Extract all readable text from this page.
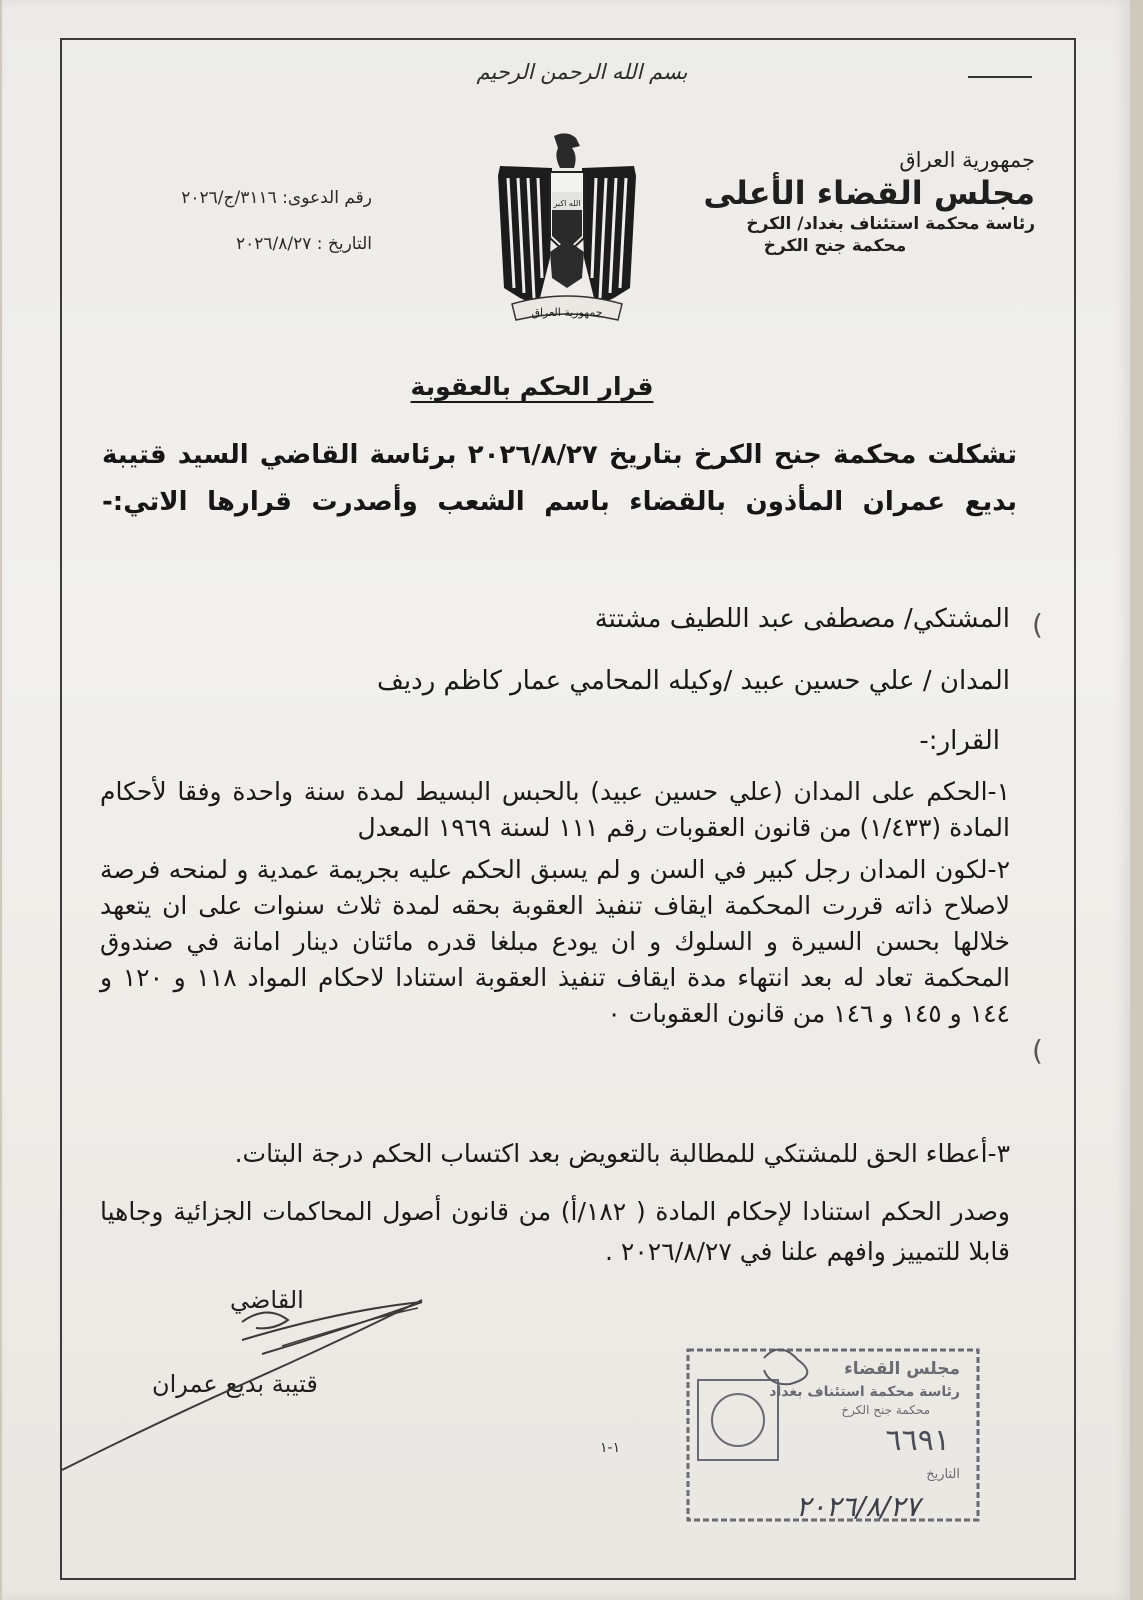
بسم الله الرحمن الرحيم
جمهورية العراق
مجلس القضاء الأعلى
رئاسة محكمة استئناف بغداد/ الكرخ
محكمة جنح الكرخ
رقم الدعوى: ٣١١٦/ج/٢٠٢٦
التاريخ : ٢٠٢٦/٨/٢٧
الله اكبر
جمهورية العراق
قرار الحكم بالعقوبة
تشكلت محكمة جنح الكرخ بتاريخ ٢٠٢٦/٨/٢٧ برئاسة القاضي السيد قتيبة بديع عمران المأذون بالقضاء باسم الشعب وأصدرت قرارها الاتي:-
المشتكي/ مصطفى عبد اللطيف مشتتة
المدان / علي حسين عبيد /وكيله المحامي عمار كاظم رديف
القرار:-
١-الحكم على المدان (علي حسين عبيد) بالحبس البسيط لمدة سنة واحدة وفقا لأحكام المادة (١/٤٣٣) من قانون العقوبات رقم ١١١ لسنة ١٩٦٩ المعدل
٢-لكون المدان رجل كبير في السن و لم يسبق الحكم عليه بجريمة عمدية و لمنحه فرصة لاصلاح ذاته قررت المحكمة ايقاف تنفيذ العقوبة بحقه لمدة ثلاث سنوات على ان يتعهد خلالها بحسن السيرة و السلوك و ان يودع مبلغا قدره مائتان دينار امانة في صندوق المحكمة تعاد له بعد انتهاء مدة ايقاف تنفيذ العقوبة استنادا لاحكام المواد ١١٨ و ١٢٠ و ١٤٤ و ١٤٥ و ١٤٦ من قانون العقوبات ٠
٣-أعطاء الحق للمشتكي للمطالبة بالتعويض بعد اكتساب الحكم درجة البتات.
وصدر الحكم استنادا لإحكام المادة ( ١٨٢/أ) من قانون أصول المحاكمات الجزائية وجاهيا قابلا للتمييز وافهم علنا في ٢٠٢٦/٨/٢٧ .
القاضي
قتيبة بديع عمران
١-١
(
(
مجلس القضاء
رئاسة محكمة استئناف بغداد
محكمة جنح الكرخ
٦٦٩١
التاريخ
٢٠٢٦/٨/٢٧
